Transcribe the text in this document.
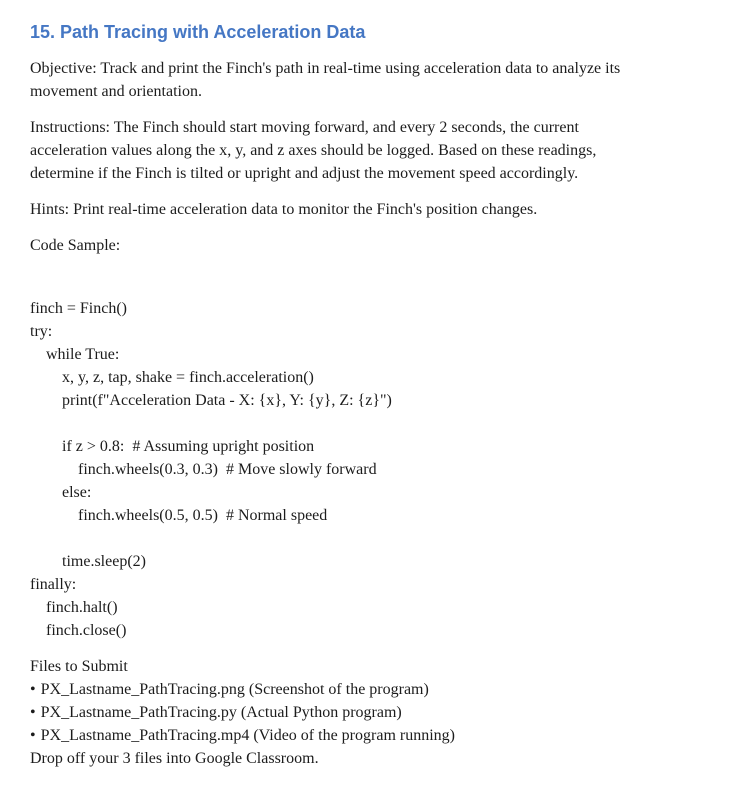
15. Path Tracing with Acceleration Data

Objective: Track and print the Finch's path in real-time using acceleration data to analyze its
movement and orientation.

Instructions: The Finch should start moving forward, and every 2 seconds, the current
acceleration values along the x, y, and z axes should be logged. Based on these readings,
determine if the Finch is tilted or upright and adjust the movement speed accordingly.

Hints: Print real-time acceleration data to monitor the Finch's position changes.

Code Sample:

finch = Finch()
try:
while True:
x, y, z, tap, shake = finch.acceleration()
print(f"Acceleration Data - X: {x}, Y: {y}, Z: {z}")
if z > 0.8:  # Assuming upright position
finch.wheels(0.3, 0.3)  # Move slowly forward
else:
finch.wheels(0.5, 0.5)  # Normal speed
time.sleep(2)
finally:
finch.halt()
finch.close()
Files to Submit
• PX_Lastname_PathTracing.png (Screenshot of the program)
• PX_Lastname_PathTracing.py (Actual Python program)
• PX_Lastname_PathTracing.mp4 (Video of the program running)
Drop off your 3 files into Google Classroom.
